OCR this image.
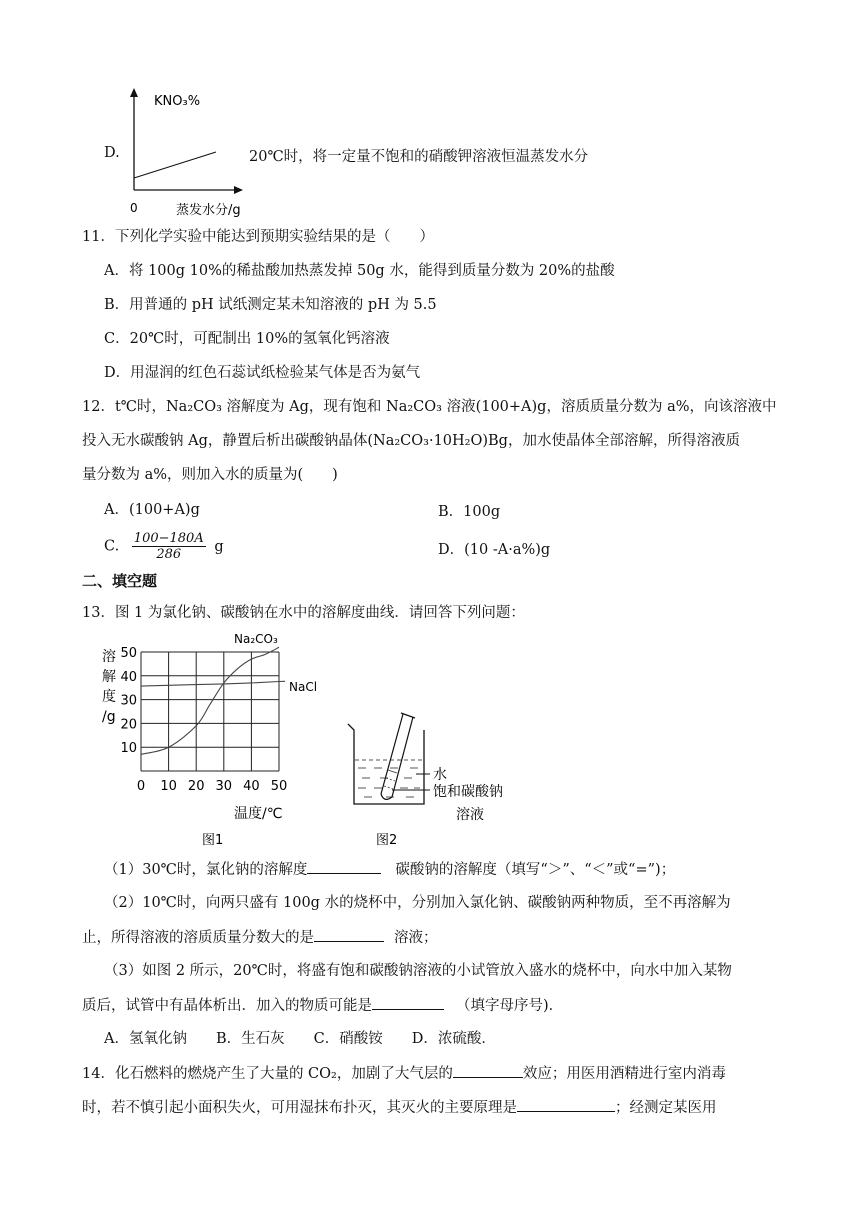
D.
KNO₃%
0	蒸发水分/g
20℃时，将一定量不饱和的硝酸钾溶液恒温蒸发水分
11．下列化学实验中能达到预期实验结果的是（　　）
A．将 100g 10%的稀盐酸加热蒸发掉 50g 水，能得到质量分数为 20%的盐酸
B．用普通的 pH 试纸测定某未知溶液的 pH 为 5.5
C．20℃时，可配制出 10%的氢氧化钙溶液
D．用湿润的红色石蕊试纸检验某气体是否为氨气
12．t℃时，Na₂CO₃ 溶解度为 Ag，现有饱和 Na₂CO₃ 溶液(100+A)g，溶质质量分数为 a%，向该溶液中
投入无水碳酸钠 Ag，静置后析出碳酸钠晶体(Na₂CO₃·10H₂O)Bg，加水使晶体全部溶解，所得溶液质
量分数为 a%，则加入水的质量为(　　)
A．(100+A)g	B．100g
C. $\frac{100-180A}{286}$ g	D．(10 -A·a%)g
二、填空题
13．图 1 为氯化钠、碳酸钠在水中的溶解度曲线．请回答下列问题：
0 10 20 30 40 50
10
20
30
40
50
溶
解
度
/g
Na₂CO₃
NaCl
温度/℃
图1
水
饱和碳酸钠
溶液
图2
（1）30℃时，氯化钠的溶解度	碳酸钠的溶解度（填写“＞”、“＜”或“=”)；
（2）10℃时，向两只盛有 100g 水的烧杯中，分别加入氯化钠、碳酸钠两种物质，至不再溶解为
止，所得溶液的溶质质量分数大的是	溶液；
（3）如图 2 所示，20℃时，将盛有饱和碳酸钠溶液的小试管放入盛水的烧杯中，向水中加入某物
质后，试管中有晶体析出．加入的物质可能是	（填字母序号)．
A．氢氧化钠　　B．生石灰　　C．硝酸铵　　D．浓硫酸．
14．化石燃料的燃烧产生了大量的 CO₂，加剧了大气层的	效应；用医用酒精进行室内消毒
时，若不慎引起小面积失火，可用湿抹布扑灭，其灭火的主要原理是	；经测定某医用
